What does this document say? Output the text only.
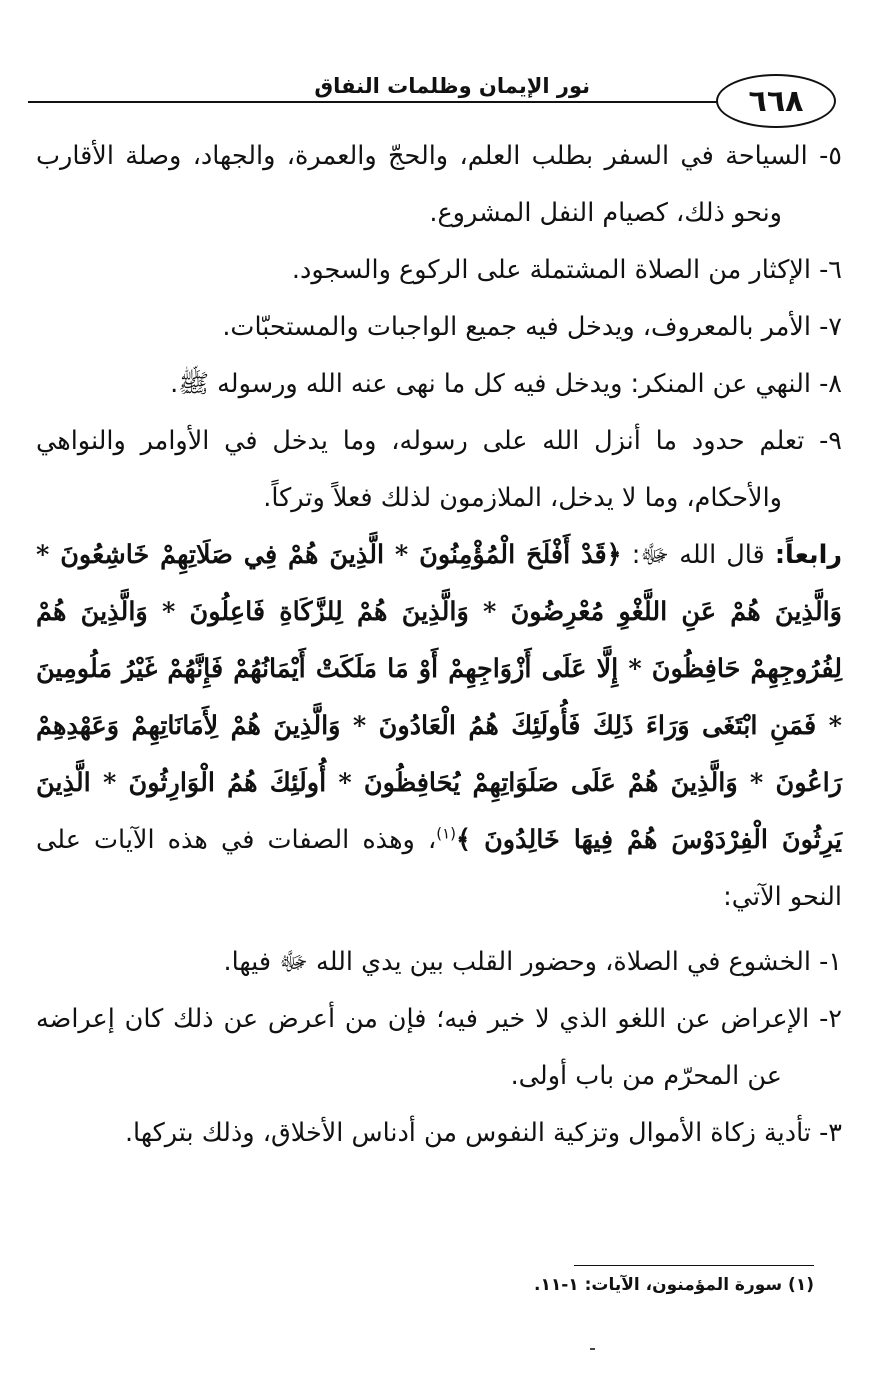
نور الإيمان وظلمات النفاق	٦٦٨

٥- السياحة في السفر بطلب العلم، والحجّ والعمرة، والجهاد، وصلة الأقارب ونحو ذلك، كصيام النفل المشروع.

٦- الإكثار من الصلاة المشتملة على الركوع والسجود.

٧- الأمر بالمعروف، ويدخل فيه جميع الواجبات والمستحبّات.

٨- النهي عن المنكر: ويدخل فيه كل ما نهى عنه الله ورسوله ﷺ.

٩- تعلم حدود ما أنزل الله على رسوله، وما يدخل في الأوامر والنواهي والأحكام، وما لا يدخل، الملازمون لذلك فعلاً وتركاً.

رابعاً: قال الله ﷻ: ﴿قَدْ أَفْلَحَ الْمُؤْمِنُونَ * الَّذِينَ هُمْ فِي صَلَاتِهِمْ خَاشِعُونَ * وَالَّذِينَ هُمْ عَنِ اللَّغْوِ مُعْرِضُونَ * وَالَّذِينَ هُمْ لِلزَّكَاةِ فَاعِلُونَ * وَالَّذِينَ هُمْ لِفُرُوجِهِمْ حَافِظُونَ * إِلَّا عَلَى أَزْوَاجِهِمْ أَوْ مَا مَلَكَتْ أَيْمَانُهُمْ فَإِنَّهُمْ غَيْرُ مَلُومِينَ * فَمَنِ ابْتَغَى وَرَاءَ ذَلِكَ فَأُولَئِكَ هُمُ الْعَادُونَ * وَالَّذِينَ هُمْ لِأَمَانَاتِهِمْ وَعَهْدِهِمْ رَاعُونَ * وَالَّذِينَ هُمْ عَلَى صَلَوَاتِهِمْ يُحَافِظُونَ * أُولَئِكَ هُمُ الْوَارِثُونَ * الَّذِينَ يَرِثُونَ الْفِرْدَوْسَ هُمْ فِيهَا خَالِدُونَ ﴾$^{(١)}$، وهذه الصفات في هذه الآيات على النحو الآتي:

١- الخشوع في الصلاة، وحضور القلب بين يدي الله ﷻ فيها.

٢- الإعراض عن اللغو الذي لا خير فيه؛ فإن من أعرض عن ذلك كان إعراضه عن المحرّم من باب أولى.

٣- تأدية زكاة الأموال وتزكية النفوس من أدناس الأخلاق، وذلك بتركها.

(١) سورة المؤمنون، الآيات: ١-١١.
